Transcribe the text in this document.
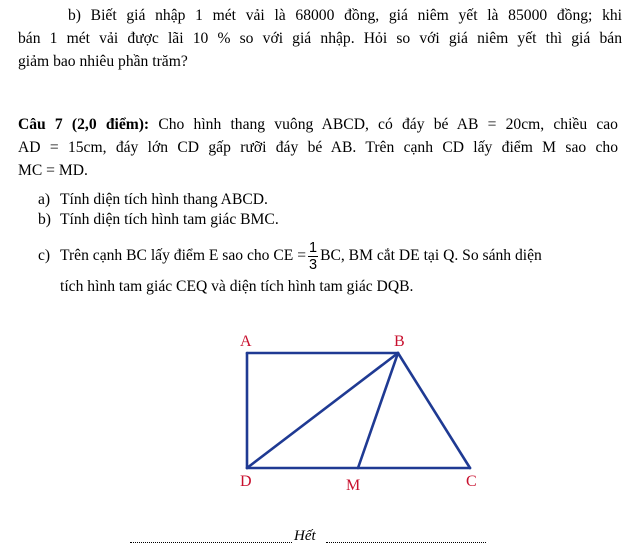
b) Biết giá nhập 1 mét vải là 68000 đồng, giá niêm yết là 85000 đồng; khi
bán 1 mét vải được lãi 10 % so với giá nhập. Hỏi so với giá niêm yết thì giá bán
giảm bao nhiêu phần trăm?
Câu 7 (2,0 điểm): Cho hình thang vuông ABCD, có đáy bé AB = 20cm, chiều cao
AD = 15cm, đáy lớn CD gấp rưỡi đáy bé AB. Trên cạnh CD lấy điểm M sao cho
MC = MD.
a) Tính diện tích hình thang ABCD.
b) Tính diện tích hình tam giác BMC.
c) Trên cạnh BC lấy điểm E sao cho CE = $\frac{1}{3}$ BC, BM cắt DE tại Q. So sánh diện
tích hình tam giác CEQ và diện tích hình tam giác DQB.
A	B
D	M	C
Hết
